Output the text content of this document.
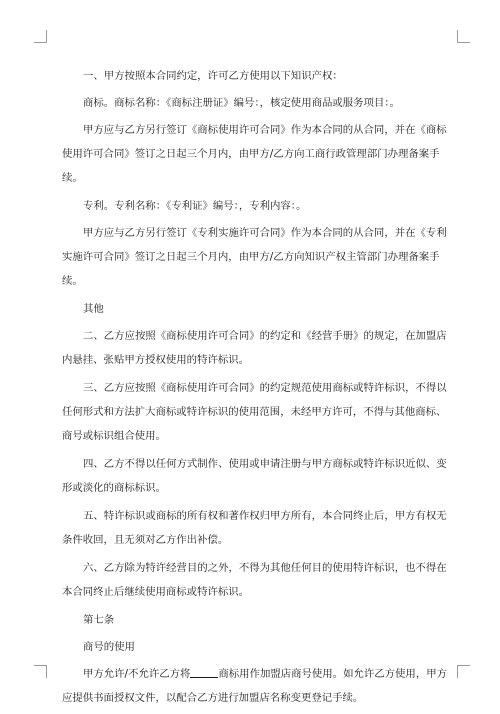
一、甲方按照本合同约定，许可乙方使用以下知识产权：

商标。商标名称：《商标注册证》编号：，核定使用商品或服务项目：。

甲方应与乙方另行签订《商标使用许可合同》作为本合同的从合同，并在《商标使用许可合同》签订之日起三个月内，由甲方/乙方向工商行政管理部门办理备案手续。

专利。专利名称：《专利证》编号：，专利内容：。

甲方应与乙方另行签订《专利实施许可合同》作为本合同的从合同，并在《专利实施许可合同》签订之日起三个月内，由甲方/乙方向知识产权主管部门办理备案手续。

其他

二、乙方应按照《商标使用许可合同》的约定和《经营手册》的规定，在加盟店内悬挂、张贴甲方授权使用的特许标识。

三、乙方应按照《商标使用许可合同》的约定规范使用商标或特许标识，不得以任何形式和方法扩大商标或特许标识的使用范围，未经甲方许可，不得与其他商标、商号或标识组合使用。

四、乙方不得以任何方式制作、使用或申请注册与甲方商标或特许标识近似、变形或淡化的商标标识。

五、特许标识或商标的所有权和著作权归甲方所有，本合同终止后，甲方有权无条件收回，且无须对乙方作出补偿。

六、乙方除为特许经营目的之外，不得为其他任何目的使用特许标识，也不得在本合同终止后继续使用商标或特许标识。

第七条

商号的使用

甲方允许/不允许乙方将	商标用作加盟店商号使用。如允许乙方使用，甲方应提供书面授权文件，以配合乙方进行加盟店名称变更登记手续。
